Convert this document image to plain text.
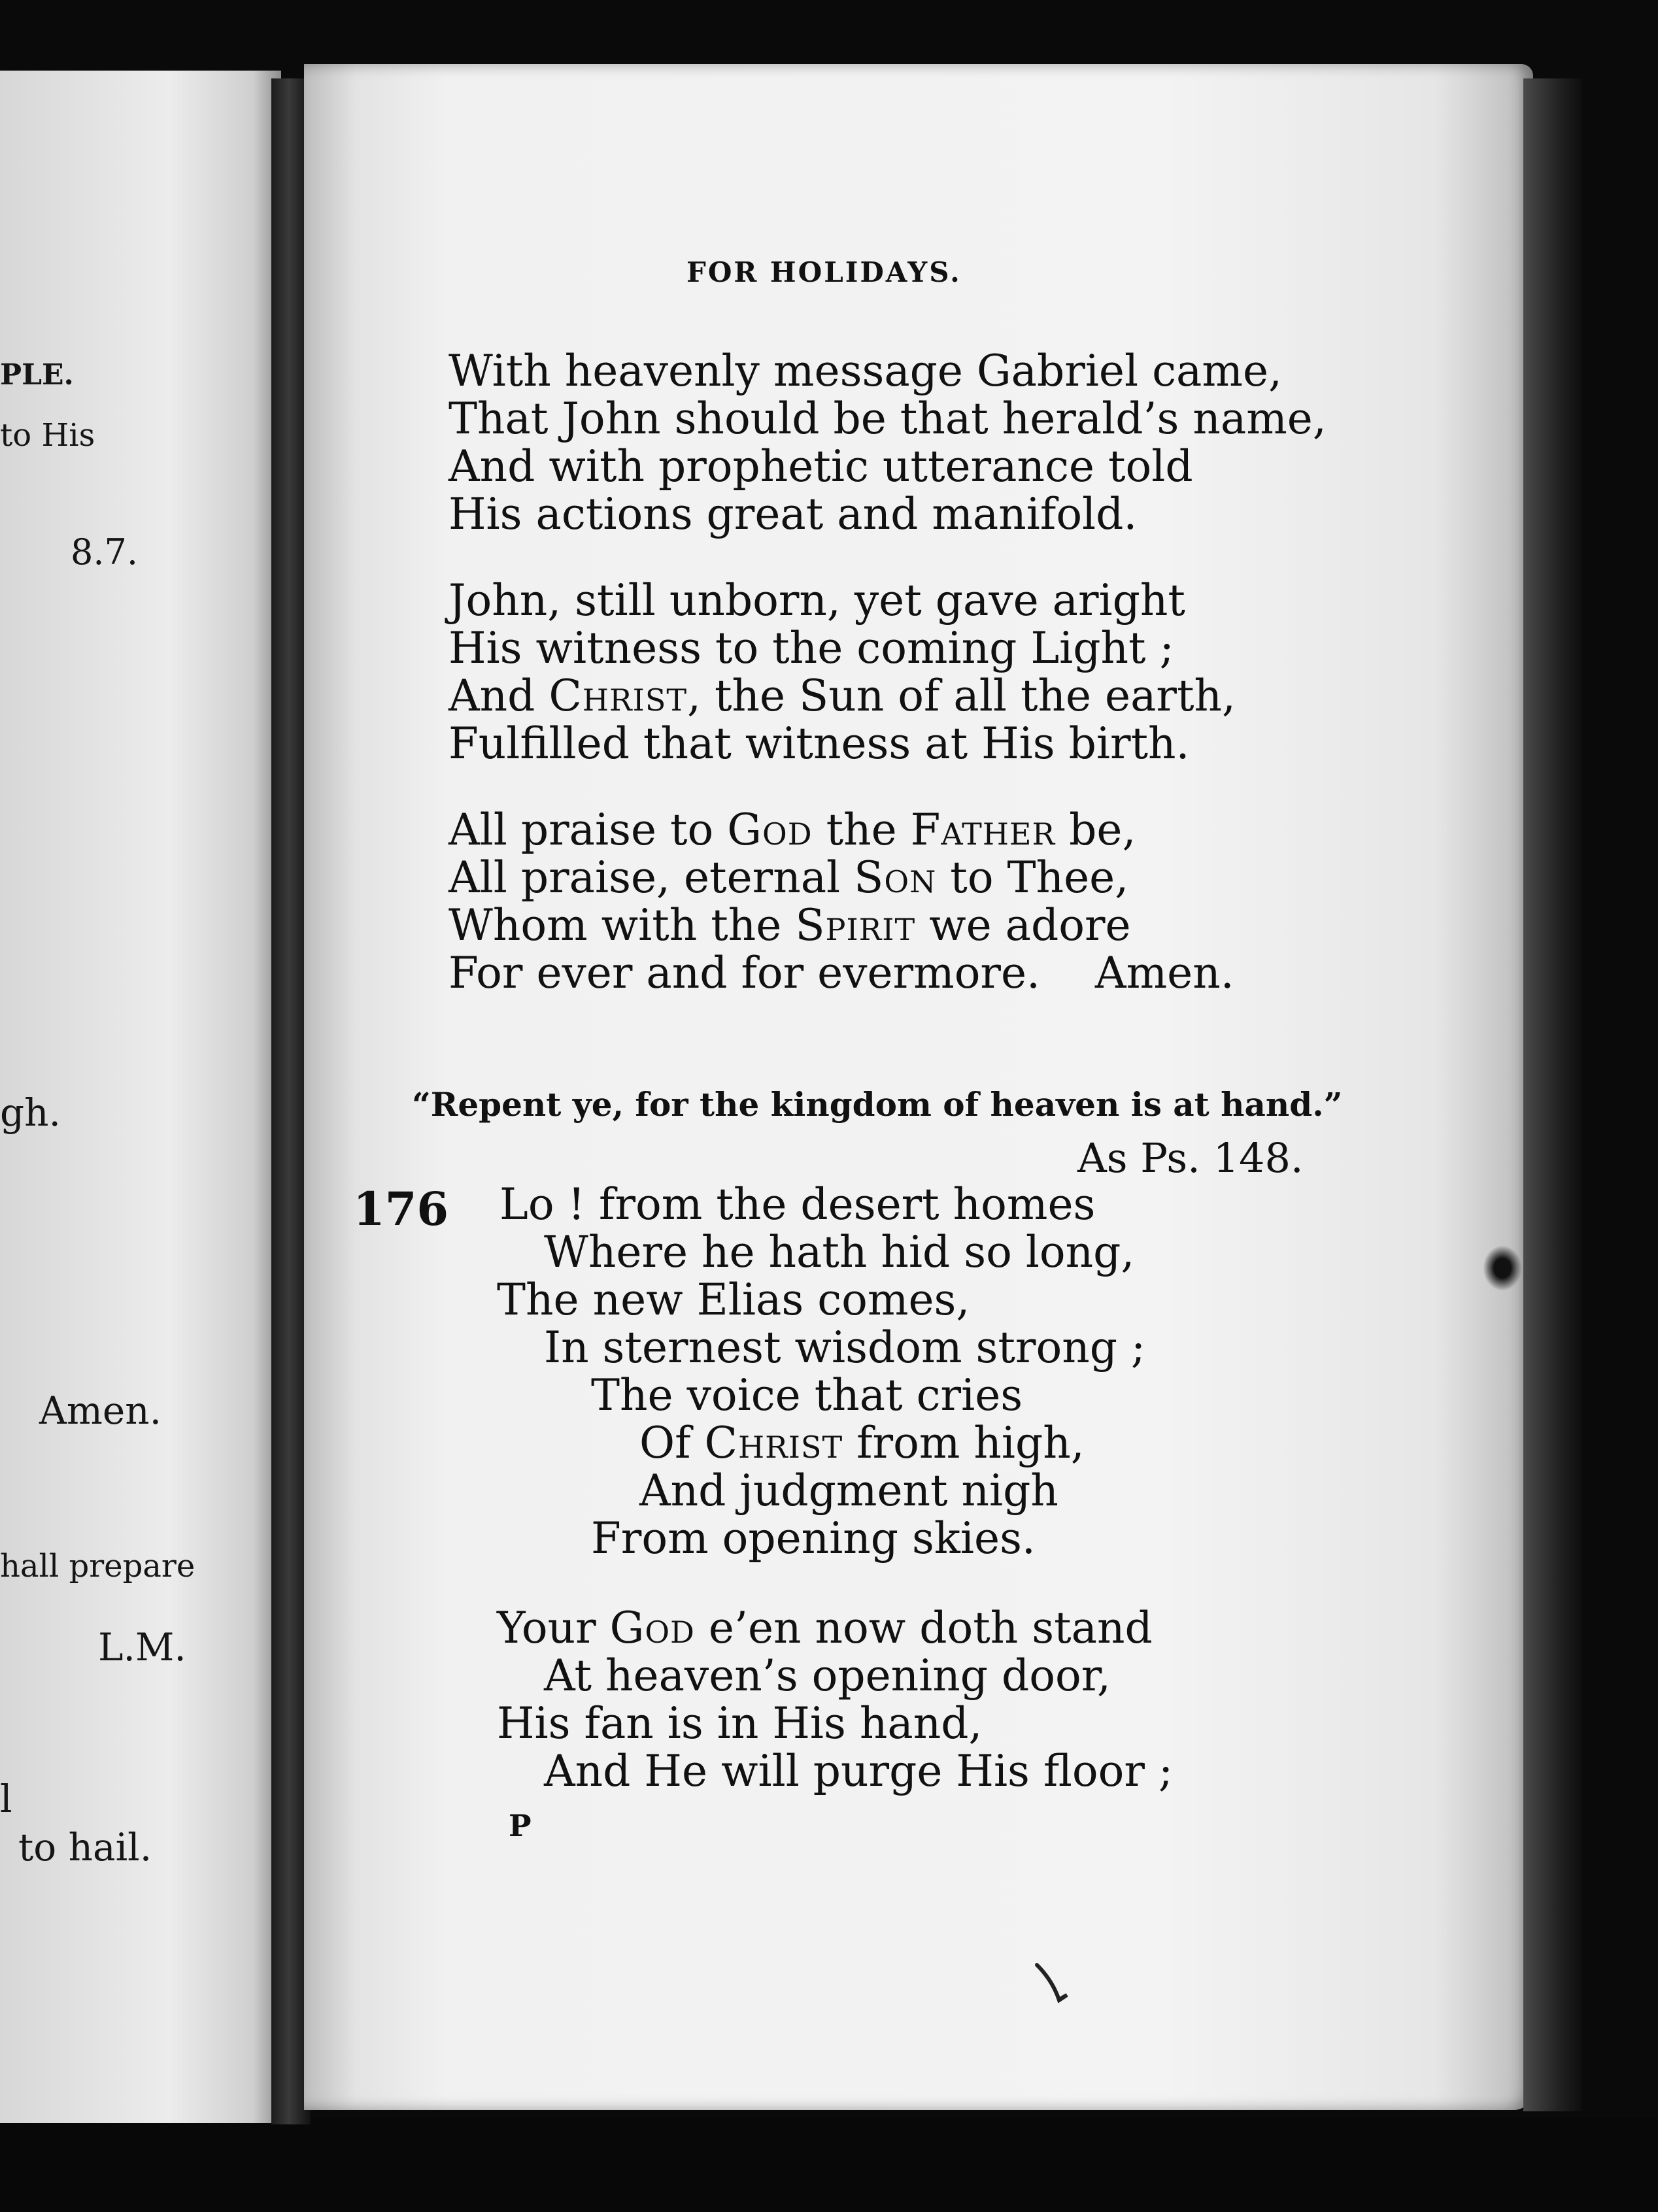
PLE.
to His
8.7.
gh.
Amen.
hall prepare
L.M.
l
to hail.
FOR HOLIDAYS.
With heavenly message Gabriel came,
That John should be that herald’s name,
And with prophetic utterance told
His actions great and manifold.
John, still unborn, yet gave aright
His witness to the coming Light ;
And Christ, the Sun of all the earth,
Fulfilled that witness at His birth.
All praise to God the Father be,
All praise, eternal Son to Thee,
Whom with the Spirit we adore
For ever and for evermore.    Amen.
“Repent ye, for the kingdom of heaven is at hand.”
As Ps. 148.
176 Lo ! from the desert homes
Where he hath hid so long,
The new Elias comes,
In sternest wisdom strong ;
The voice that cries
Of Christ from high,
And judgment nigh
From opening skies.
Your God e’en now doth stand
At heaven’s opening door,
His fan is in His hand,
And He will purge His floor ;
P
